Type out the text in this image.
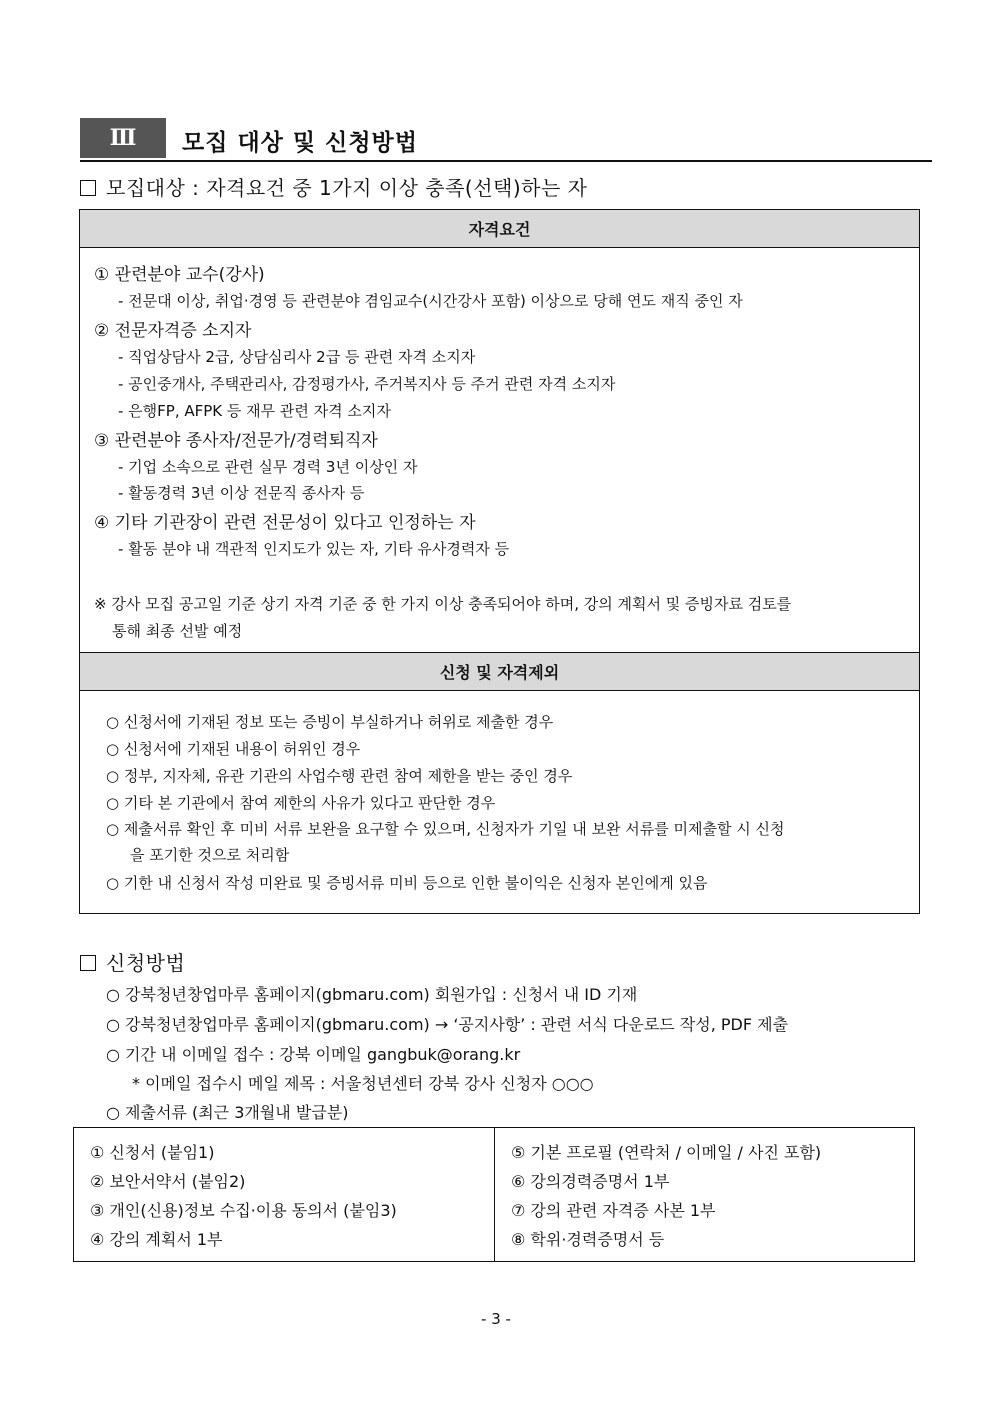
Ⅲ	모집 대상 및 신청방법
모집대상 : 자격요건 중 1가지 이상 충족(선택)하는 자
자격요건
① 관련분야 교수(강사)
- 전문대 이상, 취업·경영 등 관련분야 겸임교수(시간강사 포함) 이상으로 당해 연도 재직 중인 자
② 전문자격증 소지자
- 직업상담사 2급, 상담심리사 2급 등 관련 자격 소지자
- 공인중개사, 주택관리사, 감정평가사, 주거복지사 등 주거 관련 자격 소지자
- 은행FP, AFPK 등 재무 관련 자격 소지자
③ 관련분야 종사자/전문가/경력퇴직자
- 기업 소속으로 관련 실무 경력 3년 이상인 자
- 활동경력 3년 이상 전문직 종사자 등
④ 기타 기관장이 관련 전문성이 있다고 인정하는 자
- 활동 분야 내 객관적 인지도가 있는 자, 기타 유사경력자 등
※ 강사 모집 공고일 기준 상기 자격 기준 중 한 가지 이상 충족되어야 하며, 강의 계획서 및 증빙자료 검토를
통해 최종 선발 예정
신청 및 자격제외
○ 신청서에 기재된 정보 또는 증빙이 부실하거나 허위로 제출한 경우
○ 신청서에 기재된 내용이 허위인 경우
○ 정부, 지자체, 유관 기관의 사업수행 관련 참여 제한을 받는 중인 경우
○ 기타 본 기관에서 참여 제한의 사유가 있다고 판단한 경우
○ 제출서류 확인 후 미비 서류 보완을 요구할 수 있으며, 신청자가 기일 내 보완 서류를 미제출할 시 신청
을 포기한 것으로 처리함
○ 기한 내 신청서 작성 미완료 및 증빙서류 미비 등으로 인한 불이익은 신청자 본인에게 있음
신청방법
○ 강북청년창업마루 홈페이지(gbmaru.com) 회원가입 : 신청서 내 ID 기재
○ 강북청년창업마루 홈페이지(gbmaru.com) → ‘공지사항’ : 관련 서식 다운로드 작성, PDF 제출
○ 기간 내 이메일 접수 : 강북 이메일 gangbuk@orang.kr
* 이메일 접수시 메일 제목 : 서울청년센터 강북 강사 신청자 ○○○
○ 제출서류 (최근 3개월내 발급분)
① 신청서 (붙임1)
② 보안서약서 (붙임2)
③ 개인(신용)정보 수집·이용 동의서 (붙임3)
④ 강의 계획서 1부
⑤ 기본 프로필 (연락처 / 이메일 / 사진 포함)
⑥ 강의경력증명서 1부
⑦ 강의 관련 자격증 사본 1부
⑧ 학위·경력증명서 등
- 3 -
